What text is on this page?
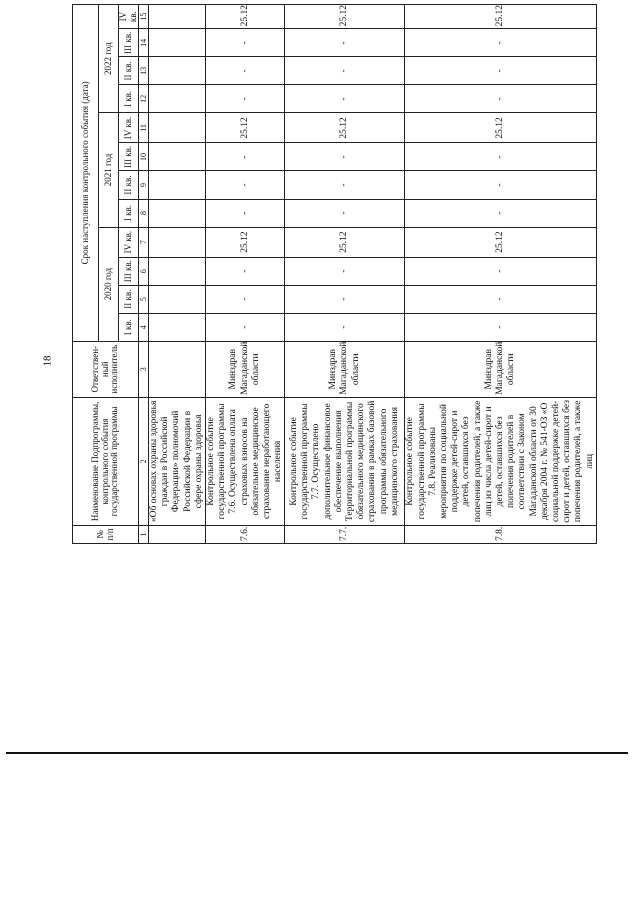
18
№ п/п	Наименование Подпрограммы, контрольного события государственной программы	Ответствен-ный исполнитель	Срок наступления контрольного события (дата)											
			2020 год				2021 год				2022 год			
			I кв.	II кв.	III кв.	IV кв.	I кв.	II кв.	III кв.	IV кв.	I кв.	II кв.	III кв.	IV кв.
1	2	3	4	5	6	7	8	9	10	11	12	13	14	15
	«Об основах охраны здоровья граждан в Российской Федерации» полномочий Российской Федерации в сфере охраны здоровья													
7.6.	Контрольное событие государственной программы 7.6. Осуществлена оплата страховых взносов на обязательное медицинское страхование неработающего населения	Минздрав Магаданской области	-	-	-	25.12	-	-	-	25.12	-	-	-	25.12
7.7.	Контрольное событие государственной программы 7.7. Осуществлено дополнительное финансовое обеспечение выполнения Территориальной программы обязательного медицинского страхования в рамках базовой программы обязательного медицинского страхования	Минздрав Магаданской области	-	-	-	25.12	-	-	-	25.12	-	-	-	25.12
7.8.	Контрольное событие государственной программы 7.8. Реализованы мероприятия по социальной поддержке детей-сирот и детей, оставшихся без попечения родителей, а также лиц из числа детей-сирот и детей, оставшихся без попечения родителей в соответствии с Законом Магаданской области от 30 декабря 2004 г. № 541-ОЗ «О социальной поддержке детей-сирот и детей, оставшихся без попечения родителей, а также лиц	Минздрав Магаданской области	-	-	-	25.12	-	-	-	25.12	-	-	-	25.12
